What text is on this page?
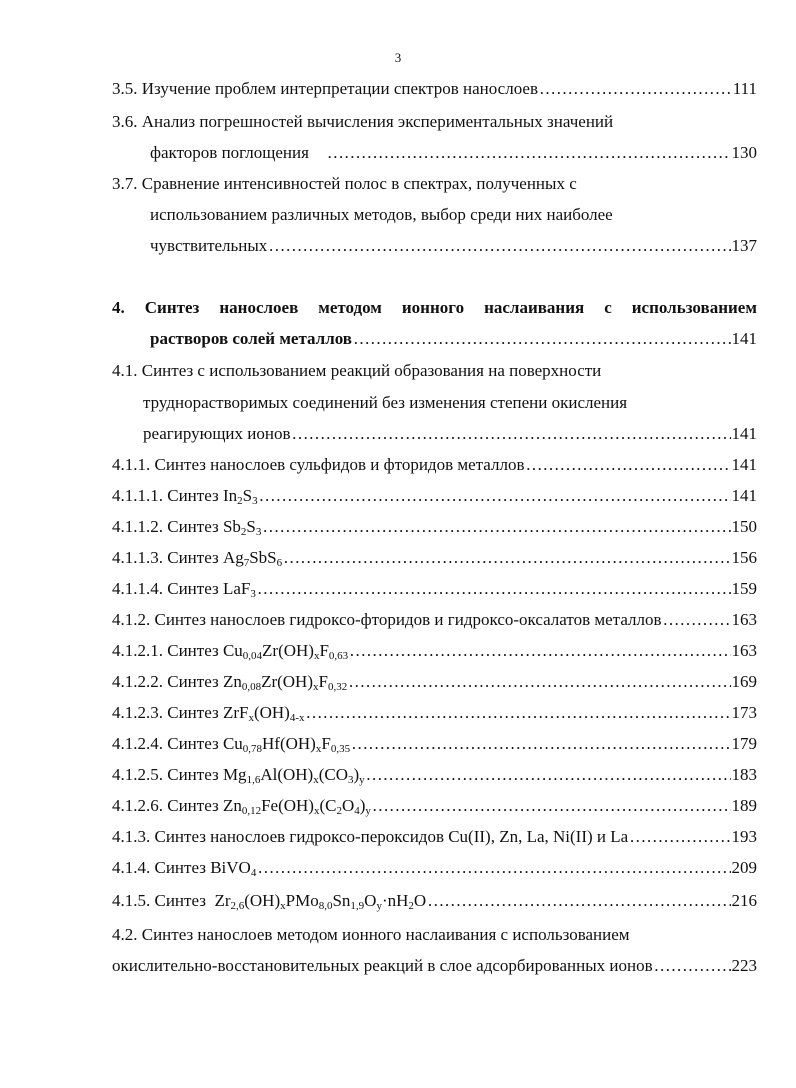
3
3.5. Изучение проблем интерпретации спектров нанослоев …………………………………………………………………………………………………………………………………………………………………………………………	111
3.6. Анализ погрешностей вычисления экспериментальных значений
факторов поглощения …………………………………………………………………………………………………………………………………………………………………………………………	130
3.7. Сравнение интенсивностей полос в спектрах, полученных с
использованием различных методов, выбор среди них наиболее
чувствительных …………………………………………………………………………………………………………………………………………………………………………………………	137
4. Синтез нанослоев методом ионного наслаивания с использованием
растворов солей металлов …………………………………………………………………………………………………………………………………………………………………………………………	141
4.1. Синтез с использованием реакций образования на поверхности
труднорастворимых соединений без изменения степени окисления
реагирующих ионов …………………………………………………………………………………………………………………………………………………………………………………………	141
4.1.1. Синтез нанослоев сульфидов и фторидов металлов …………………………………………………………………………………………………………………………………………………………………………………………	141
4.1.1.1. Синтез $In_2S_3$ …………………………………………………………………………………………………………………………………………………………………………………………	141
4.1.1.2. Синтез $Sb_2S_3$ …………………………………………………………………………………………………………………………………………………………………………………………	150
4.1.1.3. Синтез $Ag_7SbS_6$ …………………………………………………………………………………………………………………………………………………………………………………………	156
4.1.1.4. Синтез LaF$_3$ …………………………………………………………………………………………………………………………………………………………………………………………	159
4.1.2. Синтез нанослоев гидроксо-фторидов и гидроксо-оксалатов металлов …………………………………………………………………………………………………………………………………………………………………………………………	163
4.1.2.1. Синтез $Cu_{0,04}Zr(OH)_xF_{0,63}$ …………………………………………………………………………………………………………………………………………………………………………………………	163
4.1.2.2. Синтез $Zn_{0,08}Zr(OH)_xF_{0,32}$ …………………………………………………………………………………………………………………………………………………………………………………………	169
4.1.2.3. Синтез $ZrF_x(OH)_{4-x}$ …………………………………………………………………………………………………………………………………………………………………………………………	173
4.1.2.4. Синтез $Cu_{0,78}Hf(OH)_xF_{0,35}$ …………………………………………………………………………………………………………………………………………………………………………………………	179
4.1.2.5. Синтез $Mg_{1,6}Al(OH)_x(CO_3)_y$ …………………………………………………………………………………………………………………………………………………………………………………………	183
4.1.2.6. Синтез $Zn_{0,12}Fe(OH)_x(C_2O_4)_y$ …………………………………………………………………………………………………………………………………………………………………………………………	189
4.1.3. Синтез нанослоев гидроксо-пероксидов Cu(II), Zn, La, Ni(II) и La …………………………………………………………………………………………………………………………………………………………………………………………	193
4.1.4. Синтез BiVO$_4$ …………………………………………………………………………………………………………………………………………………………………………………………	209
4.1.5. Синтез  $Zr_{2,6}(OH)_xPMo_{8,0}Sn_{1,9}O_y\cdot nH_2O$ …………………………………………………………………………………………………………………………………………………………………………………………	216
4.2. Синтез нанослоев методом ионного наслаивания с использованием
окислительно-восстановительных реакций в слое адсорбированных ионов …………………………………………………………………………………………………………………………………………………………………………………………	223
